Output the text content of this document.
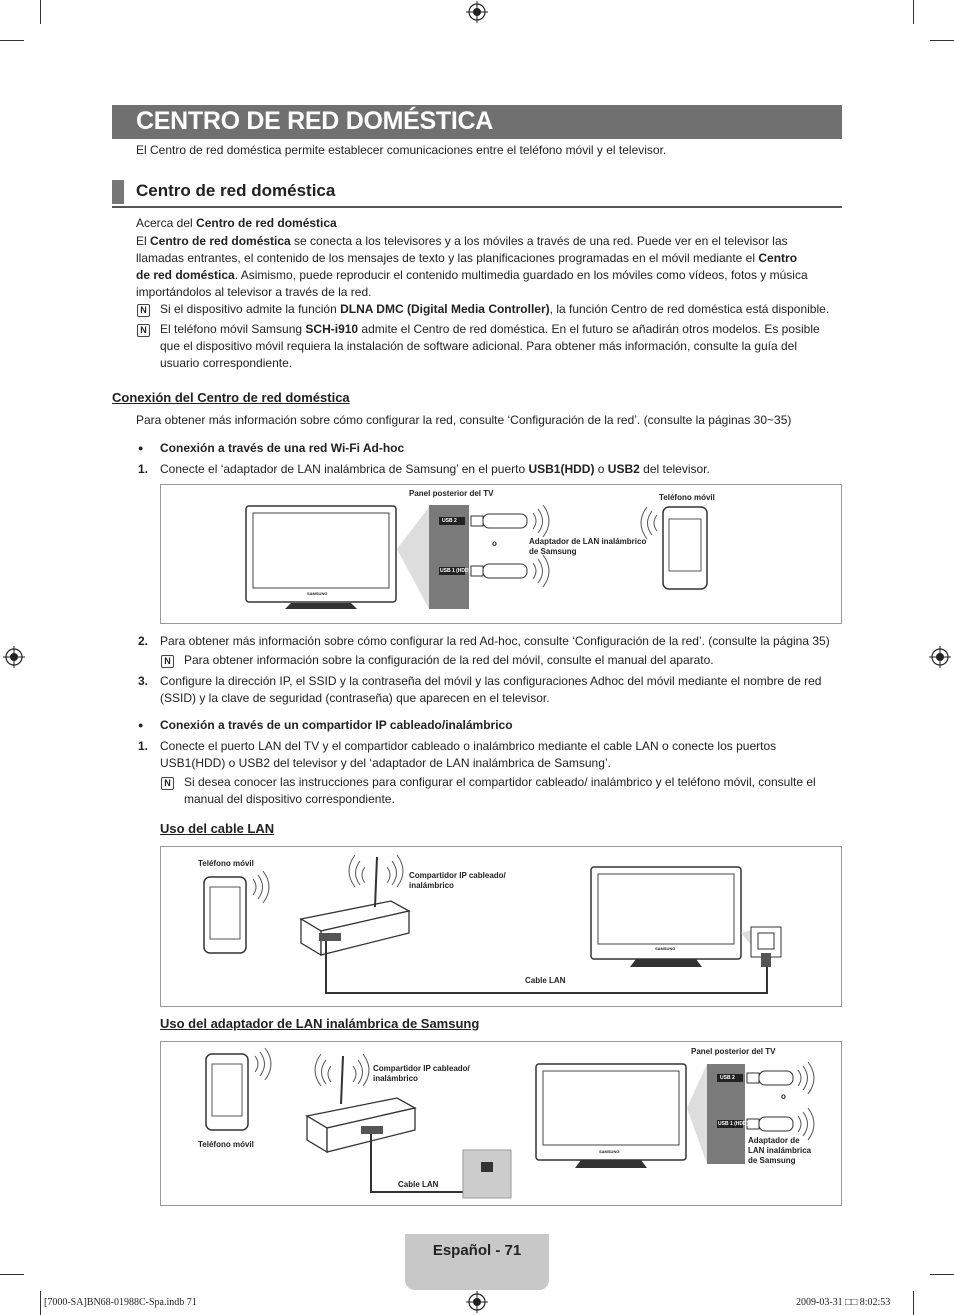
CENTRO DE RED DOMÉSTICA
El Centro de red doméstica permite establecer comunicaciones entre el teléfono móvil y el televisor.
Centro de red doméstica
Acerca del Centro de red doméstica
El Centro de red doméstica se conecta a los televisores y a los móviles a través de una red. Puede ver en el televisor las
llamadas entrantes, el contenido de los mensajes de texto y las planificaciones programadas en el móvil mediante el Centro
de red doméstica. Asimismo, puede reproducir el contenido multimedia guardado en los móviles como vídeos, fotos y música
importándolos al televisor a través de la red.
N Si el dispositivo admite la función DLNA DMC (Digital Media Controller), la función Centro de red doméstica está disponible.
N El teléfono móvil Samsung SCH-i910 admite el Centro de red doméstica. En el futuro se añadirán otros modelos. Es posible
que el dispositivo móvil requiera la instalación de software adicional. Para obtener más información, consulte la guía del
usuario correspondiente.
Conexión del Centro de red doméstica
Para obtener más información sobre cómo configurar la red, consulte ‘Configuración de la red’. (consulte la páginas 30~35)
● Conexión a través de una red Wi-Fi Ad-hoc
1. Conecte el ‘adaptador de LAN inalámbrica de Samsung’ en el puerto USB1(HDD) o USB2 del televisor.
Panel posterior del TV	Teléfono móvil
Adaptador de LAN inalámbrico
de Samsung
o
USB 2
USB 1 (HDD)
SAMSUNG
2. Para obtener más información sobre cómo configurar la red Ad-hoc, consulte ‘Configuración de la red’. (consulte la página 35)
N Para obtener información sobre la configuración de la red del móvil, consulte el manual del aparato.
3. Configure la dirección IP, el SSID y la contraseña del móvil y las configuraciones Adhoc del móvil mediante el nombre de red
(SSID) y la clave de seguridad (contraseña) que aparecen en el televisor.
● Conexión a través de un compartidor IP cableado/inalámbrico
1. Conecte el puerto LAN del TV y el compartidor cableado o inalámbrico mediante el cable LAN o conecte los puertos
USB1(HDD) o USB2 del televisor y del ‘adaptador de LAN inalámbrica de Samsung’.
N Si desea conocer las instrucciones para configurar el compartidor cableado/ inalámbrico y el teléfono móvil, consulte el
manual del dispositivo correspondiente.
Uso del cable LAN
Teléfono móvil
Compartidor IP cableado/
inalámbrico
Cable LAN
SAMSUNG
Uso del adaptador de LAN inalámbrica de Samsung
Teléfono móvil
Compartidor IP cableado/
inalámbrico
Cable LAN
Panel posterior del TV
o
Adaptador de
LAN inalámbrica
de Samsung
USB 2
USB 1 (HDD)
SAMSUNG
Español - 71
[7000-SA]BN68-01988C-Spa.indb 71	2009-03-31 □□ 8:02:53
